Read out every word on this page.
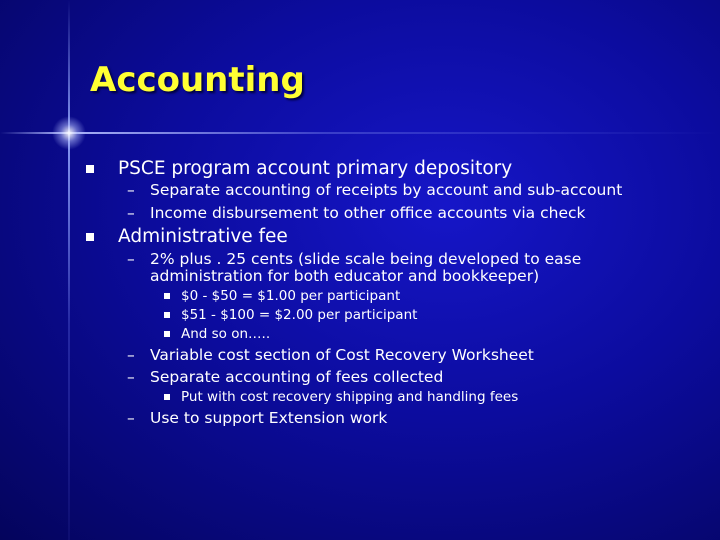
Accounting
PSCE program account primary depository
– Separate accounting of receipts by account and sub-account
– Income disbursement to other office accounts via check
Administrative fee
– 2% plus . 25 cents (slide scale being developed to ease
administration for both educator and bookkeeper)
$0 - $50 = $1.00 per participant
$51 - $100 = $2.00 per participant
And so on…..
– Variable cost section of Cost Recovery Worksheet
– Separate accounting of fees collected
Put with cost recovery shipping and handling fees
– Use to support Extension work
